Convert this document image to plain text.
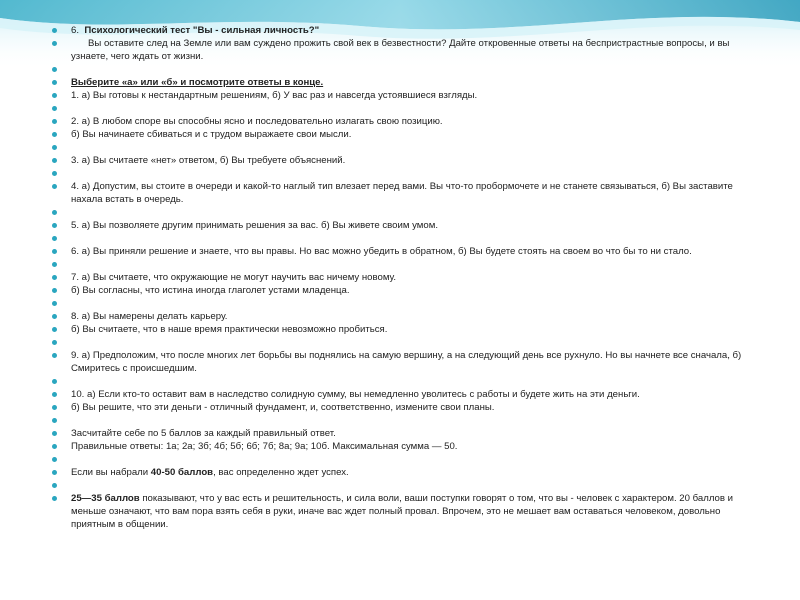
6. Психологический тест "Вы - сильная личность?"
Вы оставите след на Земле или вам суждено прожить свой век в безвестности? Дайте откровенные ответы на беспристрастные вопросы, и вы узнаете, чего ждать от жизни.
Выберите «а» или «б» и посмотрите ответы в конце.
1. а) Вы готовы к нестандартным решениям, б) У вас раз и навсегда устоявшиеся взгляды.
2. а) В любом споре вы способны ясно и последовательно излагать свою позицию.
б) Вы начинаете сбиваться и с трудом выражаете свои мысли.
3. а) Вы считаете «нет» ответом, б) Вы требуете объяснений.
4. а) Допустим, вы стоите в очереди и какой-то наглый тип влезает перед вами. Вы что-то пробормочете и не станете связываться, б) Вы заставите нахала встать в очередь.
5. а) Вы позволяете другим принимать решения за вас. б) Вы живете своим умом.
6. а) Вы приняли решение и знаете, что вы правы. Но вас можно убедить в обратном, б) Вы будете стоять на своем во что бы то ни стало.
7. а) Вы считаете, что окружающие не могут научить вас ничему новому.
б) Вы согласны, что истина иногда глаголет устами младенца.
8. а) Вы намерены делать карьеру.
б) Вы считаете, что в наше время практически невозможно пробиться.
9. а) Предположим, что после многих лет борьбы вы поднялись на самую вершину, а на следующий день все рухнуло. Но вы начнете все сначала, б) Смиритесь с происшедшим.
10. а) Если кто-то оставит вам в наследство солидную сумму, вы немедленно уволитесь с работы и будете жить на эти деньги.
б) Вы решите, что эти деньги - отличный фундамент, и, соответственно, измените свои планы.
Засчитайте себе по 5 баллов за каждый правильный ответ.
Правильные ответы: 1а; 2а; 3б; 4б; 5б; 6б; 7б; 8а; 9а; 10б. Максимальная сумма — 50.
Если вы набрали 40-50 баллов, вас определенно ждет успех.
25—35 баллов показывают, что у вас есть и решительность, и сила воли, ваши поступки говорят о том, что вы - человек с характером. 20 баллов и меньше означают, что вам пора взять себя в руки, иначе вас ждет полный провал. Впрочем, это не мешает вам оставаться человеком, довольно приятным в общении.
